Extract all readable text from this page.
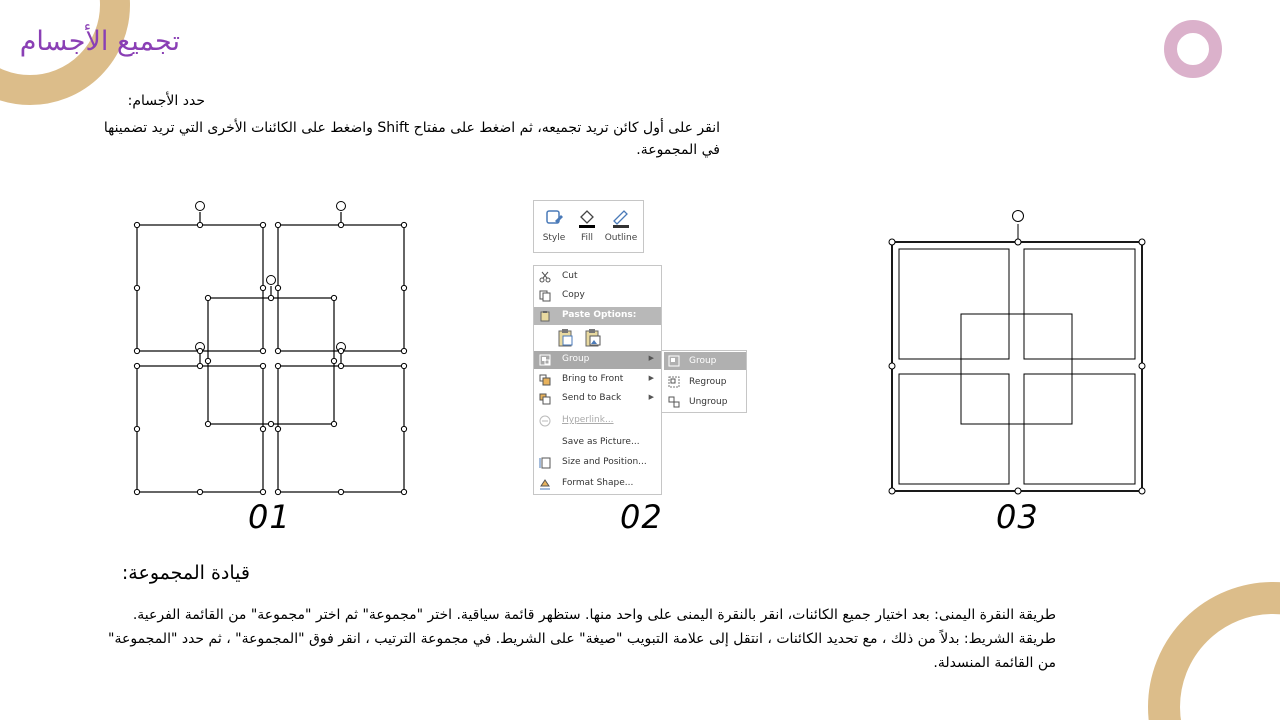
تجميع الأجسام
حدد الأجسام:
انقر على أول كائن تريد تجميعه، ثم اضغط على مفتاح Shift واضغط على الكائنات الأخرى التي تريد تضمينها في المجموعة.
01
Style	Fill	Outline
Cut
Copy
Paste Options:
Group	▶
Bring to Front	▶
Send to Back	▶
Hyperlink...
Save as Picture...
Size and Position...
Format Shape...
Group
Regroup
Ungroup
02	03
قيادة المجموعة:

طريقة النقرة اليمنى: بعد اختيار جميع الكائنات، انقر بالنقرة اليمنى على واحد منها. ستظهر قائمة سياقية. اختر "مجموعة" ثم اختر "مجموعة" من القائمة الفرعية.

طريقة الشريط: بدلاً من ذلك ، مع تحديد الكائنات ، انتقل إلى علامة التبويب "صيغة" على الشريط. في مجموعة الترتيب ، انقر فوق "المجموعة" ، ثم حدد "المجموعة" من القائمة المنسدلة.
